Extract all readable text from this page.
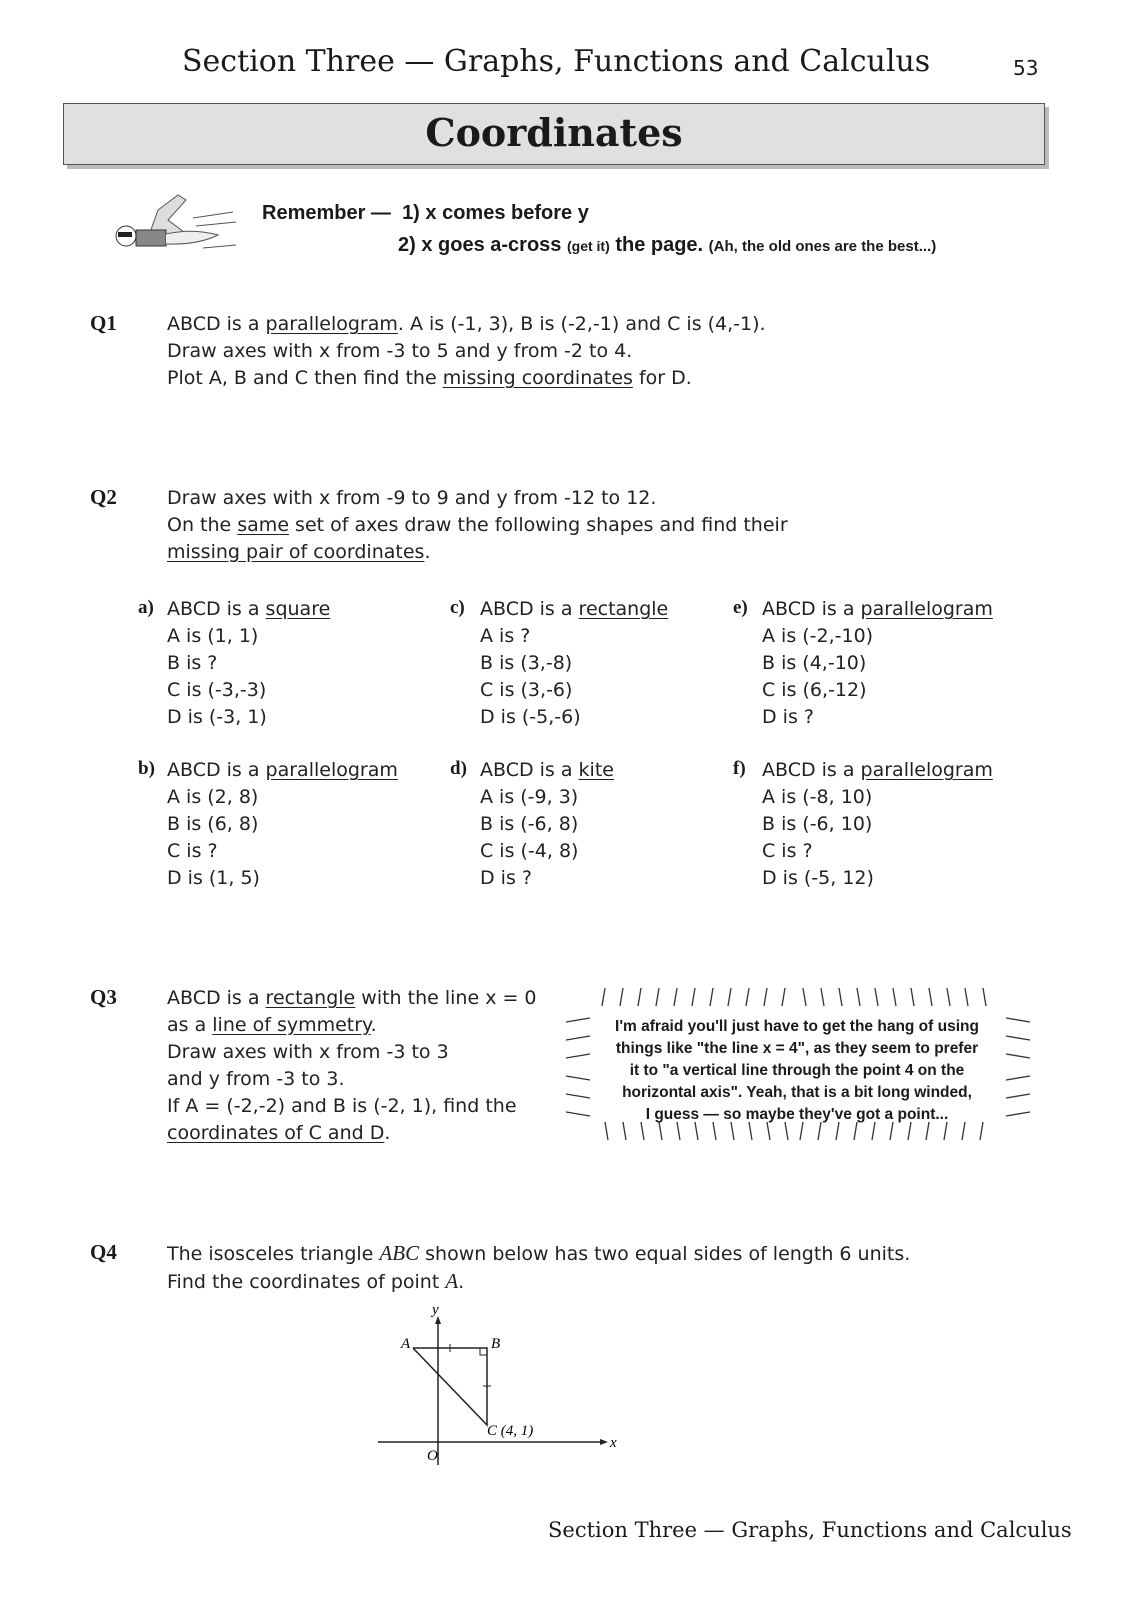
Section Three — Graphs, Functions and Calculus	53
Coordinates
Remember — 1) x comes before y
2) x goes a-cross (get it) the page. (Ah, the old ones are the best...)
Q1	ABCD is a parallelogram. A is (-1, 3), B is (-2,-1) and C is (4,-1).
Draw axes with x from -3 to 5 and y from -2 to 4.
Plot A, B and C then find the missing coordinates for D.
Q2	Draw axes with x from -9 to 9 and y from -12 to 12.
On the same set of axes draw the following shapes and find their
missing pair of coordinates.
a) ABCD is a square
A is (1, 1)
B is ?
C is (-3,-3)
D is (-3, 1)
c) ABCD is a rectangle
A is ?
B is (3,-8)
C is (3,-6)
D is (-5,-6)
e) ABCD is a parallelogram
A is (-2,-10)
B is (4,-10)
C is (6,-12)
D is ?
b) ABCD is a parallelogram
A is (2, 8)
B is (6, 8)
C is ?
D is (1, 5)
d) ABCD is a kite
A is (-9, 3)
B is (-6, 8)
C is (-4, 8)
D is ?
f) ABCD is a parallelogram
A is (-8, 10)
B is (-6, 10)
C is ?
D is (-5, 12)
Q3	ABCD is a rectangle with the line x = 0
as a line of symmetry.
Draw axes with x from -3 to 3
and y from -3 to 3.
If A = (-2,-2) and B is (-2, 1), find the
coordinates of C and D.
I'm afraid you'll just have to get the hang of using
things like "the line x = 4", as they seem to prefer
it to "a vertical line through the point 4 on the
horizontal axis". Yeah, that is a bit long winded,
I guess — so maybe they've got a point...
Q4	The isosceles triangle ABC shown below has two equal sides of length 6 units.
Find the coordinates of point A.
A	B
C (4, 1)
O
x
y
Section Three — Graphs, Functions and Calculus
